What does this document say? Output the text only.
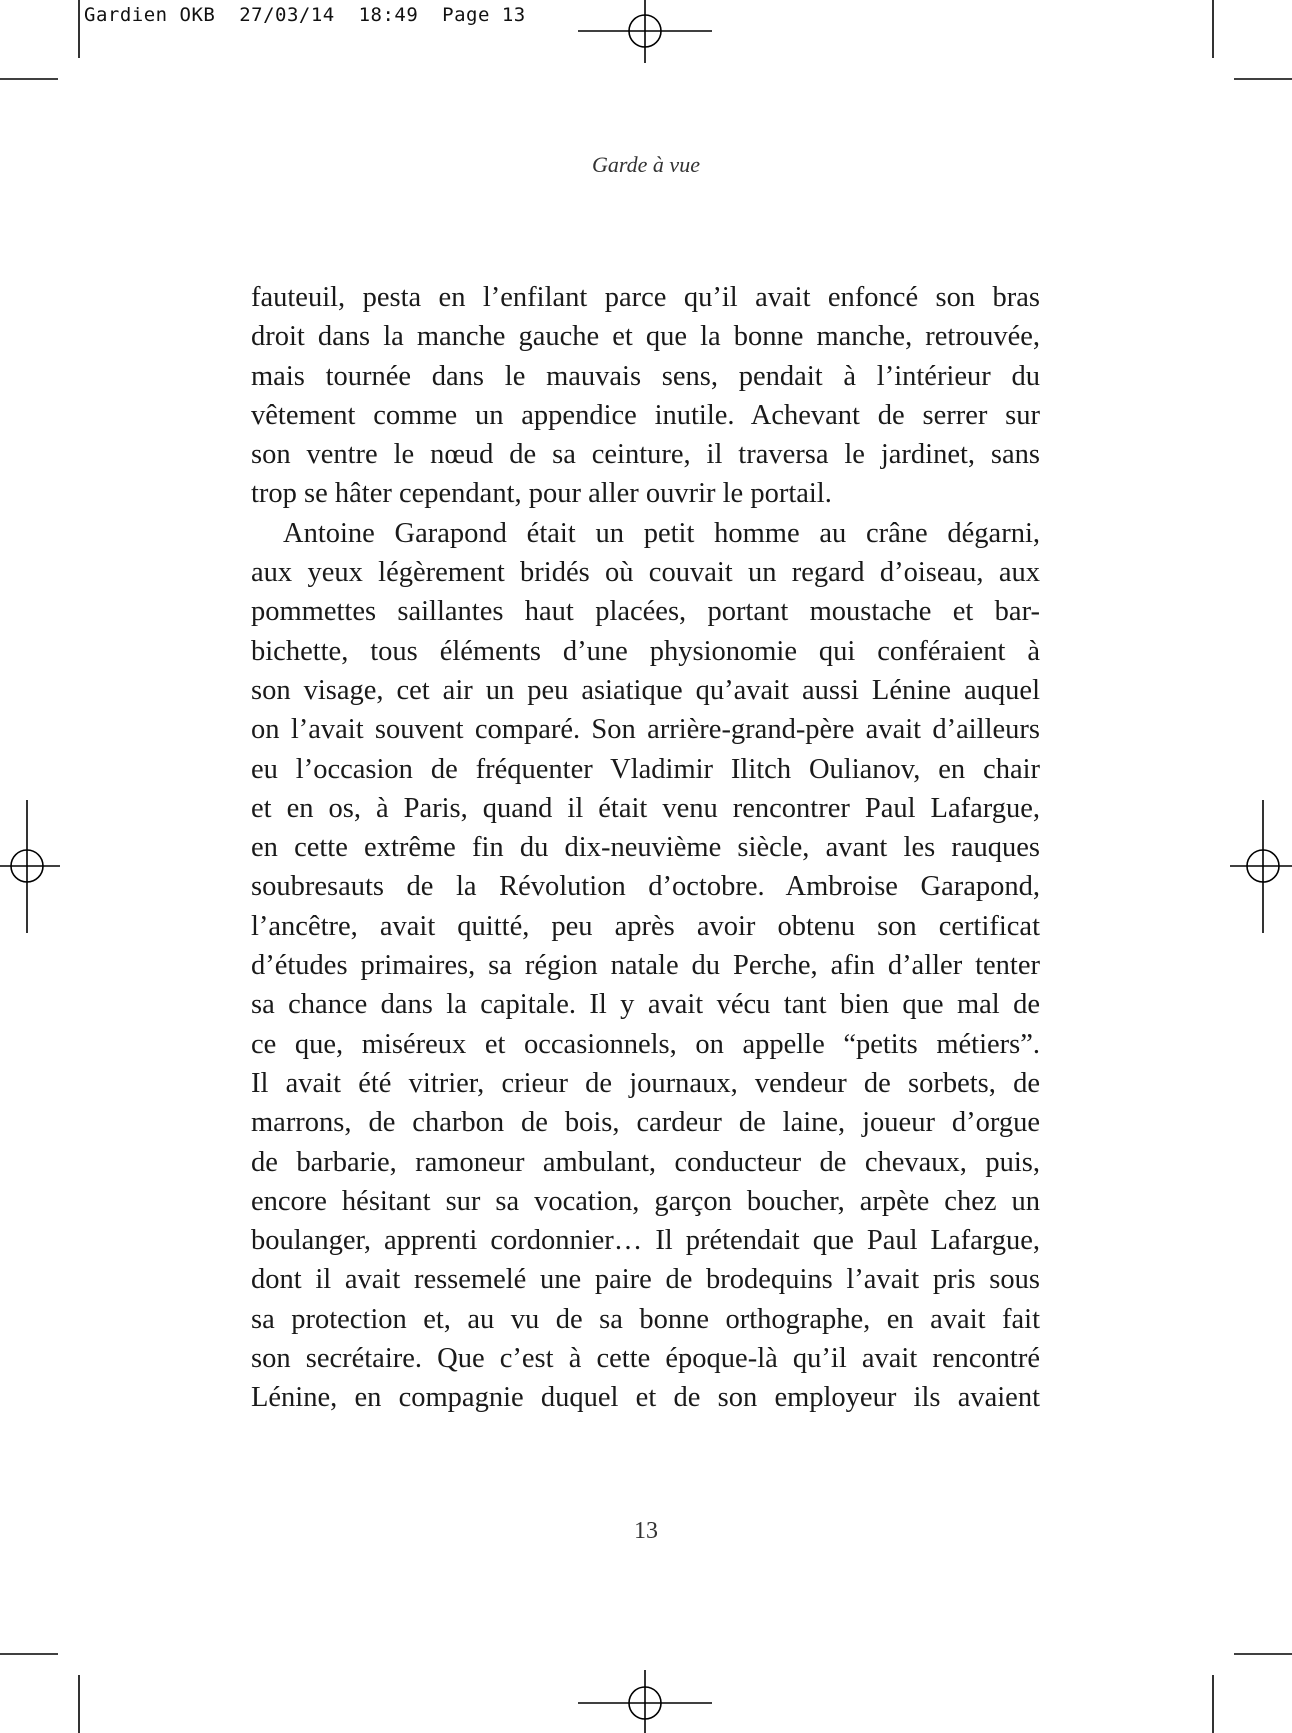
Gardien OKB  27/03/14  18:49  Page 13
Garde à vue
fauteuil, pesta en l’enfilant parce qu’il avait enfoncé son bras
droit dans la manche gauche et que la bonne manche, retrouvée,
mais tournée dans le mauvais sens, pendait à l’intérieur du
vêtement comme un appendice inutile. Achevant de serrer sur
son ventre le nœud de sa ceinture, il traversa le jardinet, sans
trop se hâter cependant, pour aller ouvrir le portail.
Antoine Garapond était un petit homme au crâne dégarni,
aux yeux légèrement bridés où couvait un regard d’oiseau, aux
pommettes saillantes haut placées, portant moustache et bar-
bichette, tous éléments d’une physionomie qui conféraient à
son visage, cet air un peu asiatique qu’avait aussi Lénine auquel
on l’avait souvent comparé. Son arrière-grand-père avait d’ailleurs
eu l’occasion de fréquenter Vladimir Ilitch Oulianov, en chair
et en os, à Paris, quand il était venu rencontrer Paul Lafargue,
en cette extrême fin du dix-neuvième siècle, avant les rauques
soubresauts de la Révolution d’octobre. Ambroise Garapond,
l’ancêtre, avait quitté, peu après avoir obtenu son certificat
d’études primaires, sa région natale du Perche, afin d’aller tenter
sa chance dans la capitale. Il y avait vécu tant bien que mal de
ce que, miséreux et occasionnels, on appelle “petits métiers”.
Il avait été vitrier, crieur de journaux, vendeur de sorbets, de
marrons, de charbon de bois, cardeur de laine, joueur d’orgue
de barbarie, ramoneur ambulant, conducteur de chevaux, puis,
encore hésitant sur sa vocation, garçon boucher, arpète chez un
boulanger, apprenti cordonnier… Il prétendait que Paul Lafargue,
dont il avait ressemelé une paire de brodequins l’avait pris sous
sa protection et, au vu de sa bonne orthographe, en avait fait
son secrétaire. Que c’est à cette époque-là qu’il avait rencontré
Lénine, en compagnie duquel et de son employeur ils avaient
13
